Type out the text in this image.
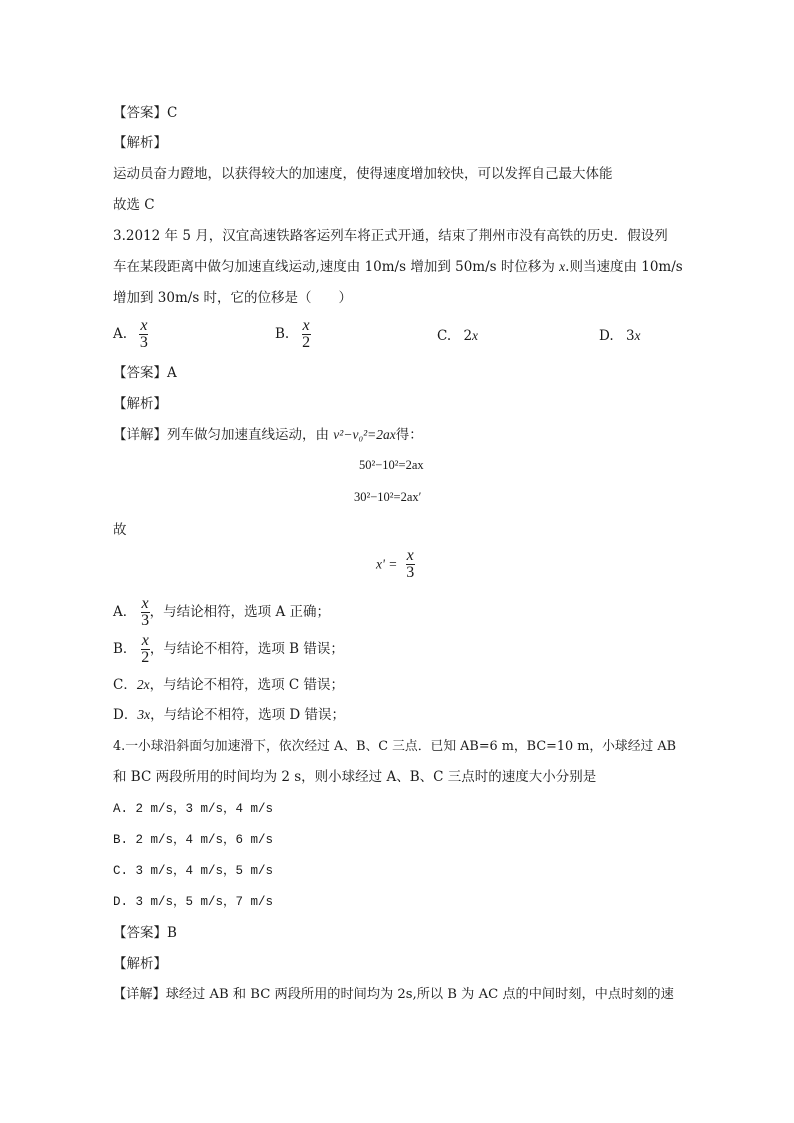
【答案】C
【解析】
运动员奋力蹬地，以获得较大的加速度，使得速度增加较快，可以发挥自己最大体能
故选 C
3.2012 年 5 月，汉宜高速铁路客运列车将正式开通，结束了荆州市没有高铁的历史．假设列
车在某段距离中做匀加速直线运动,速度由 10m/s 增加到 50m/s 时位移为 x.则当速度由 10m/s
增加到 30m/s 时，它的位移是（　　）
A. $\frac{x}{3}$	B. $\frac{x}{2}$	C. 2x	D. 3x
【答案】A
【解析】
【详解】列车做匀加速直线运动，由 v²−v₀²=2ax得：
50²−10²=2ax
30²−10²=2ax′
故
$x' = \frac{x}{3}$
A． $\frac{x}{3}$ ，与结论相符，选项 A 正确；
B． $\frac{x}{2}$ ，与结论不相符，选项 B 错误；
C．2x，与结论不相符，选项 C 错误；
D．3x，与结论不相符，选项 D 错误；
4.一小球沿斜面匀加速滑下，依次经过 A、B、C 三点．已知 AB=6 m，BC=10 m，小球经过 AB
和 BC 两段所用的时间均为 2 s，则小球经过 A、B、C 三点时的速度大小分别是
A. 2 m/s，3 m/s，4 m/s
B. 2 m/s，4 m/s，6 m/s
C. 3 m/s，4 m/s，5 m/s
D. 3 m/s，5 m/s，7 m/s
【答案】B
【解析】
【详解】球经过 AB 和 BC 两段所用的时间均为 2s,所以 B 为 AC 点的中间时刻，中点时刻的速
